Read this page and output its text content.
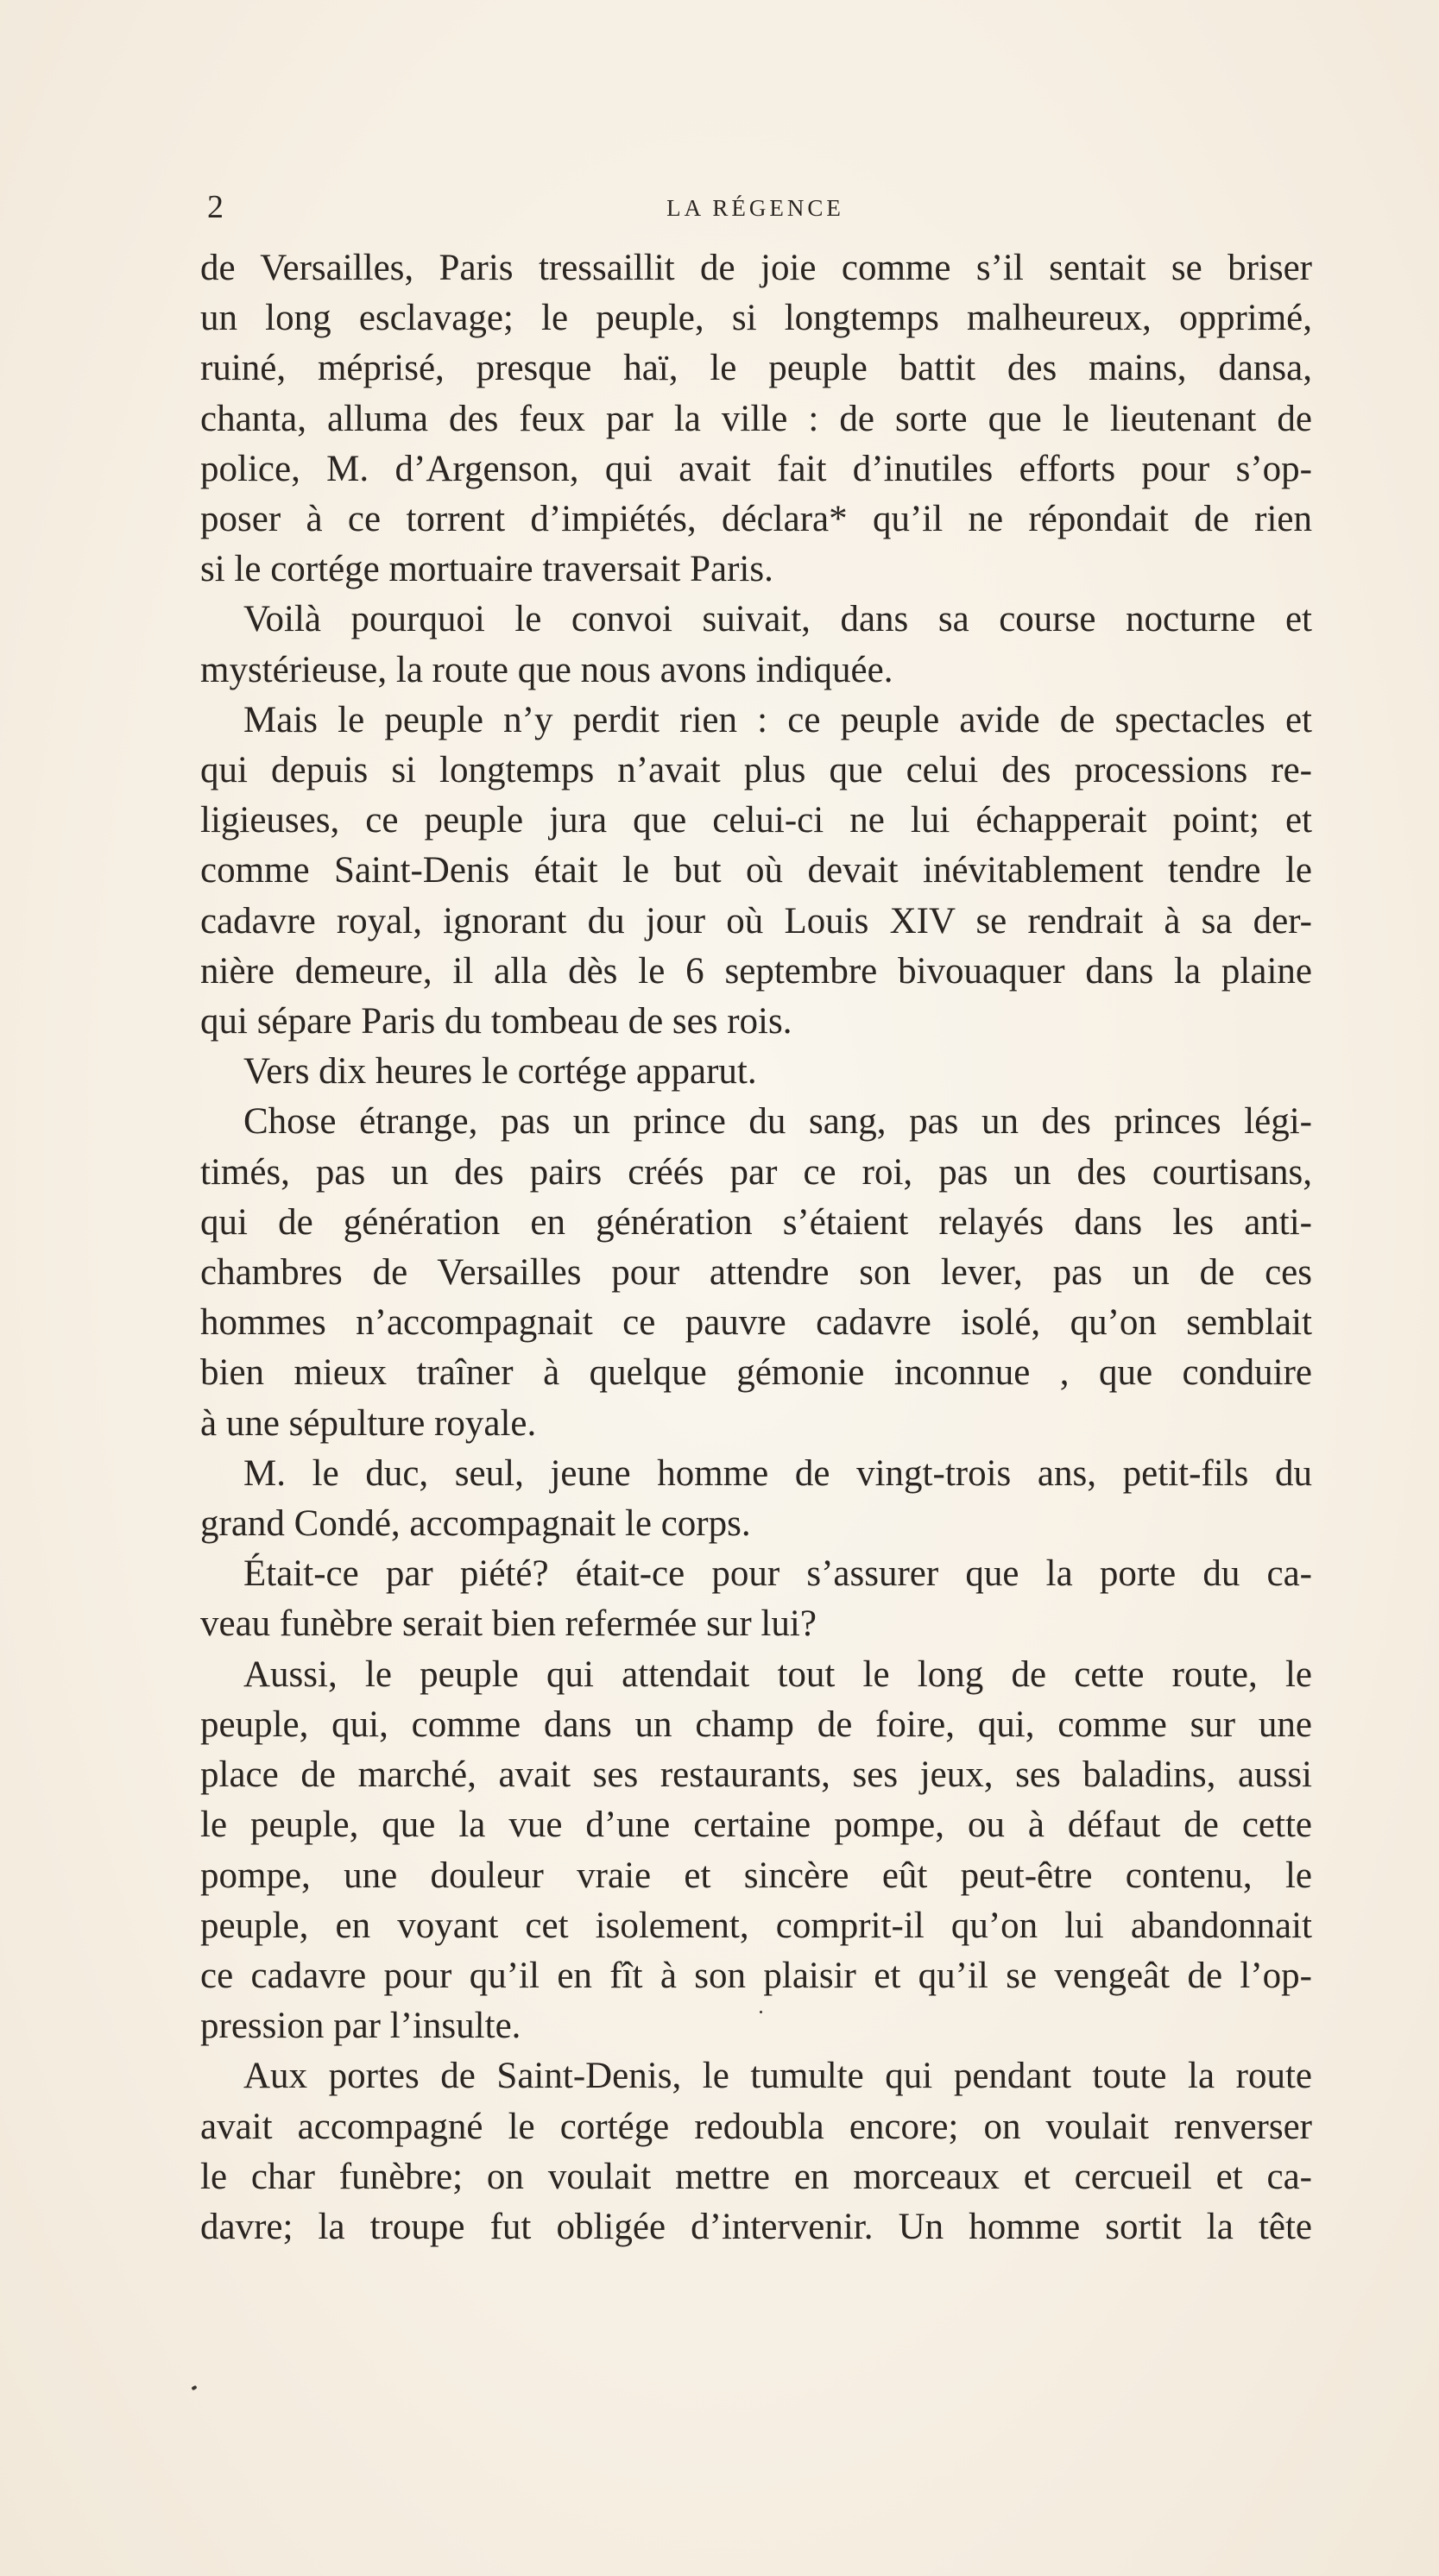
2	LA RÉGENCE
de Versailles, Paris tressaillit de joie comme s’il sentait se briser
un long esclavage; le peuple, si longtemps malheureux, opprimé,
ruiné, méprisé, presque haï, le peuple battit des mains, dansa,
chanta, alluma des feux par la ville : de sorte que le lieutenant de
police, M. d’Argenson, qui avait fait d’inutiles efforts pour s’op-
poser à ce torrent d’impiétés, déclara* qu’il ne répondait de rien
si le cortége mortuaire traversait Paris.
Voilà pourquoi le convoi suivait, dans sa course nocturne et
mystérieuse, la route que nous avons indiquée.
Mais le peuple n’y perdit rien : ce peuple avide de spectacles et
qui depuis si longtemps n’avait plus que celui des processions re-
ligieuses, ce peuple jura que celui-ci ne lui échapperait point; et
comme Saint-Denis était le but où devait inévitablement tendre le
cadavre royal, ignorant du jour où Louis XIV se rendrait à sa der-
nière demeure, il alla dès le 6 septembre bivouaquer dans la plaine
qui sépare Paris du tombeau de ses rois.
Vers dix heures le cortége apparut.
Chose étrange, pas un prince du sang, pas un des princes légi-
timés, pas un des pairs créés par ce roi, pas un des courtisans,
qui de génération en génération s’étaient relayés dans les anti-
chambres de Versailles pour attendre son lever, pas un de ces
hommes n’accompagnait ce pauvre cadavre isolé, qu’on semblait
bien mieux traîner à quelque gémonie inconnue , que conduire
à une sépulture royale.
M. le duc, seul, jeune homme de vingt-trois ans, petit-fils du
grand Condé, accompagnait le corps.
Était-ce par piété? était-ce pour s’assurer que la porte du ca-
veau funèbre serait bien refermée sur lui?
Aussi, le peuple qui attendait tout le long de cette route, le
peuple, qui, comme dans un champ de foire, qui, comme sur une
place de marché, avait ses restaurants, ses jeux, ses baladins, aussi
le peuple, que la vue d’une certaine pompe, ou à défaut de cette
pompe, une douleur vraie et sincère eût peut-être contenu, le
peuple, en voyant cet isolement, comprit-il qu’on lui abandonnait
ce cadavre pour qu’il en fît à son plaisir et qu’il se vengeât de l’op-
pression par l’insulte.
Aux portes de Saint-Denis, le tumulte qui pendant toute la route
avait accompagné le cortége redoubla encore; on voulait renverser
le char funèbre; on voulait mettre en morceaux et cercueil et ca-
davre; la troupe fut obligée d’intervenir. Un homme sortit la tête
